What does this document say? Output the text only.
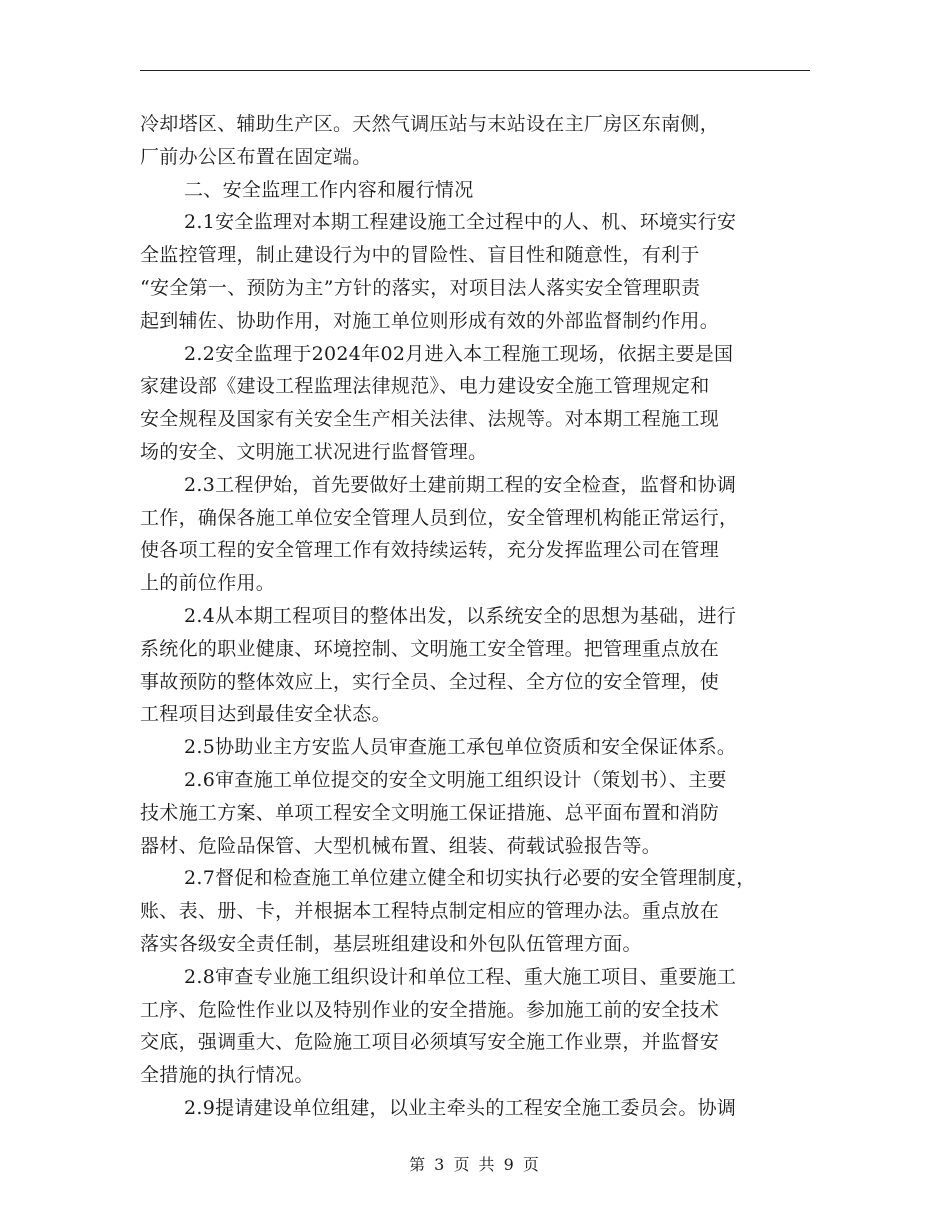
冷却塔区、辅助生产区。天然气调压站与末站设在主厂房区东南侧，
厂前办公区布置在固定端。
二、安全监理工作内容和履行情况
2.1安全监理对本期工程建设施工全过程中的人、机、环境实行安
全监控管理，制止建设行为中的冒险性、盲目性和随意性，有利于
“安全第一、预防为主”方针的落实，对项目法人落实安全管理职责
起到辅佐、协助作用，对施工单位则形成有效的外部监督制约作用。
2.2安全监理于2024年02月进入本工程施工现场，依据主要是国
家建设部《建设工程监理法律规范》、电力建设安全施工管理规定和
安全规程及国家有关安全生产相关法律、法规等。对本期工程施工现
场的安全、文明施工状况进行监督管理。
2.3工程伊始，首先要做好土建前期工程的安全检查，监督和协调
工作，确保各施工单位安全管理人员到位，安全管理机构能正常运行，
使各项工程的安全管理工作有效持续运转，充分发挥监理公司在管理
上的前位作用。
2.4从本期工程项目的整体出发，以系统安全的思想为基础，进行
系统化的职业健康、环境控制、文明施工安全管理。把管理重点放在
事故预防的整体效应上，实行全员、全过程、全方位的安全管理，使
工程项目达到最佳安全状态。
2.5协助业主方安监人员审查施工承包单位资质和安全保证体系。
2.6审查施工单位提交的安全文明施工组织设计（策划书）、主要
技术施工方案、单项工程安全文明施工保证措施、总平面布置和消防
器材、危险品保管、大型机械布置、组装、荷载试验报告等。
2.7督促和检查施工单位建立健全和切实执行必要的安全管理制度，
账、表、册、卡，并根据本工程特点制定相应的管理办法。重点放在
落实各级安全责任制，基层班组建设和外包队伍管理方面。
2.8审查专业施工组织设计和单位工程、重大施工项目、重要施工
工序、危险性作业以及特别作业的安全措施。参加施工前的安全技术
交底，强调重大、危险施工项目必须填写安全施工作业票，并监督安
全措施的执行情况。
2.9提请建设单位组建，以业主牵头的工程安全施工委员会。协调
第 3 页 共 9 页
